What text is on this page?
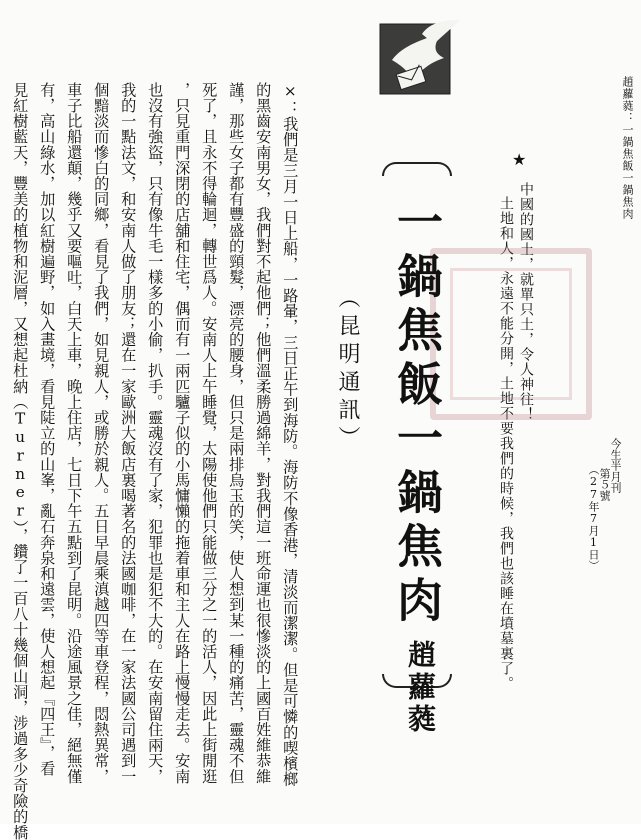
趙蘿蕤：一鍋焦飯一鍋焦肉
今生半月刊
第５號
（27年7月1日）
★
中國的國土，就單只土，令人神往！
土地和人，永遠不能分開，土地不要我們的時候，我們也該睡在墳墓裏了。
一鍋焦飯一鍋焦肉
（昆明通訊）
趙蘿蕤
×：我們是三月一日上船，一路暈，三日正午到海防。海防不像香港，清淡而潔潔。但是可憐的喫檳榔
的黑齒安南男女，我們對不起他們；他們溫柔勝過綿羊，對我們這一班命運也很慘淡的上國百姓維恭維
謹，那些女子都有豐盛的頸髮，漂亮的腰身，但只是兩排烏玉的笑，使人想到某一種的痛苦，靈魂不但
死了，且永不得輪迴，轉世爲人。安南人上午睡覺，太陽使他們只能做三分之一的活人，因此上街閒逛
，只見重門深閉的店舖和住宅，偶而有一兩匹驢子似的小馬慵懶的拖着車和主人在路上慢慢走去。安南
也沒有強盜，只有像牛毛一樣多的小偷，扒手。靈魂沒有了家，犯罪也是犯不大的。在安南留住兩天，
我的一點法文，和安南人做了朋友；還在一家歐洲大飯店裏喝著名的法國咖啡，在一家法國公司遇到一
個黯淡而慘白的同鄉，看見了我們，如見親人，或勝於親人。五日早晨乘滇越四等車登程，悶熱異常，
車子比船還顛，幾乎又要嘔吐，白天上車，晚上住店，七日下午五點到了昆明。沿途風景之佳，絕無僅
有，高山綠水，加以紅樹遍野，如入畫境，看見陡立的山峯，亂石奔泉和遠雲，使人想起『四王』，看
見紅樹藍天，豐美的植物和泥層，又想起杜納（Turner），鑽了一百八十幾個山洞，涉過多少奇險的橋
